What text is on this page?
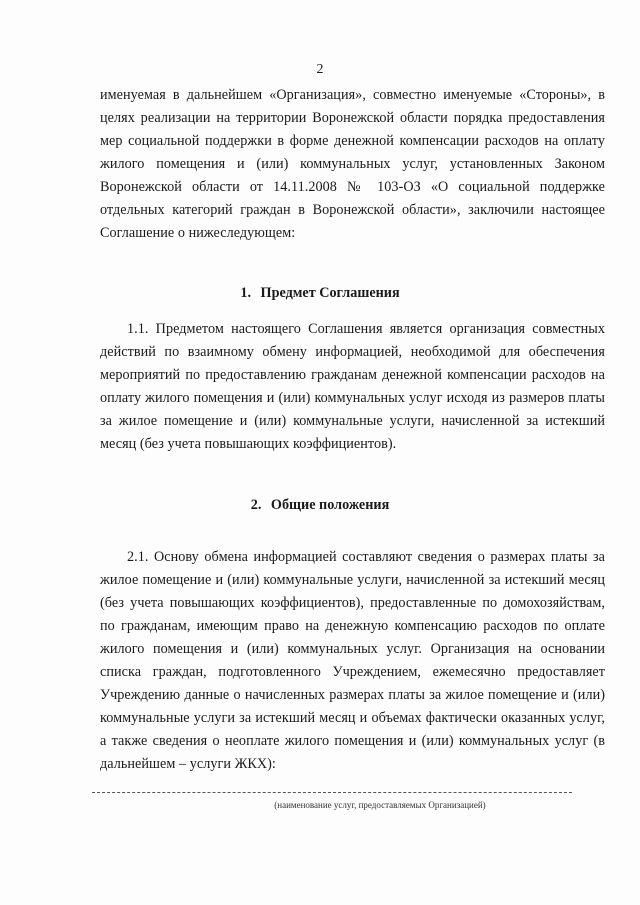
2
именуемая в дальнейшем «Организация», совместно именуемые «Стороны», в целях реализации на территории Воронежской области порядка предоставления мер социальной поддержки в форме денежной компенсации расходов на оплату жилого помещения и (или) коммунальных услуг, установленных Законом Воронежской области от 14.11.2008 № 103-ОЗ «О социальной поддержке отдельных категорий граждан в Воронежской области», заключили настоящее Соглашение о нижеследующем:
1. Предмет Соглашения
1.1. Предметом настоящего Соглашения является организация совместных действий по взаимному обмену информацией, необходимой для обеспечения мероприятий по предоставлению гражданам денежной компенсации расходов на оплату жилого помещения и (или) коммунальных услуг исходя из размеров платы за жилое помещение и (или) коммунальные услуги, начисленной за истекший месяц (без учета повышающих коэффициентов).
2. Общие положения
2.1. Основу обмена информацией составляют сведения о размерах платы за жилое помещение и (или) коммунальные услуги, начисленной за истекший месяц (без учета повышающих коэффициентов), предоставленные по домохозяйствам, по гражданам, имеющим право на денежную компенсацию расходов по оплате жилого помещения и (или) коммунальных услуг. Организация на основании списка граждан, подготовленного Учреждением, ежемесячно предоставляет Учреждению данные о начисленных размерах платы за жилое помещение и (или) коммунальные услуги за истекший месяц и объемах фактически оказанных услуг, а также сведения о неоплате жилого помещения и (или) коммунальных услуг (в дальнейшем – услуги ЖКХ):
(наименование услуг, предоставляемых Организацией)
